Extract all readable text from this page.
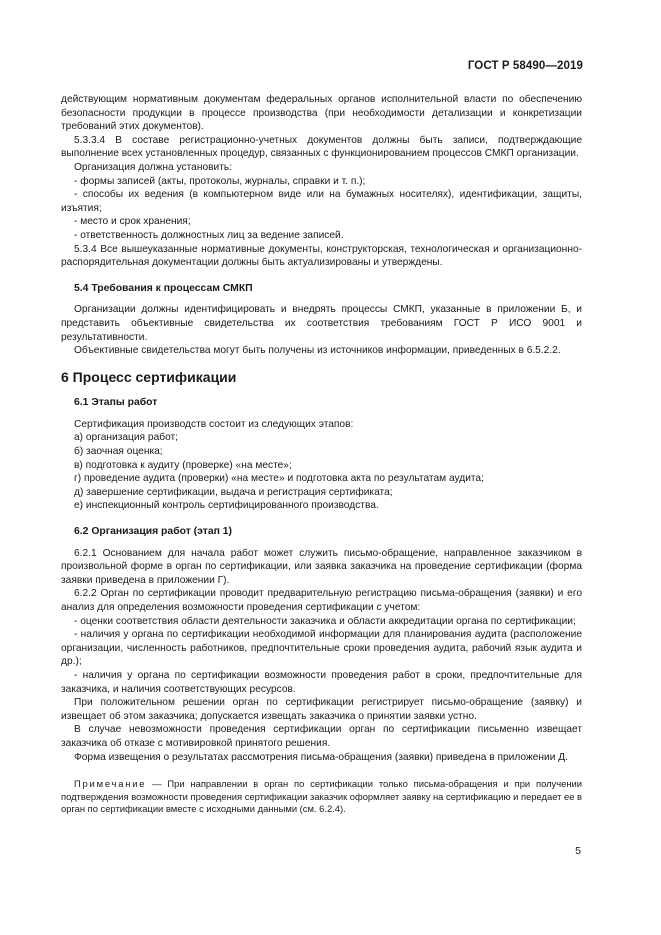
ГОСТ Р 58490—2019
действующим нормативным документам федеральных органов исполнительной власти по обеспечению безопасности продукции в процессе производства (при необходимости детализации и конкретизации требований этих документов).
5.3.3.4 В составе регистрационно-учетных документов должны быть записи, подтверждающие выполнение всех установленных процедур, связанных с функционированием процессов СМКП организации.
Организация должна установить:
- формы записей (акты, протоколы, журналы, справки и т. п.);
- способы их ведения (в компьютерном виде или на бумажных носителях), идентификации, защиты, изъятия;
- место и срок хранения;
- ответственность должностных лиц за ведение записей.
5.3.4 Все вышеуказанные нормативные документы, конструкторская, технологическая и организационно-распорядительная документации должны быть актуализированы и утверждены.
5.4 Требования к процессам СМКП
Организации должны идентифицировать и внедрять процессы СМКП, указанные в приложении Б, и представить объективные свидетельства их соответствия требованиям ГОСТ Р ИСО 9001 и результативности.
Объективные свидетельства могут быть получены из источников информации, приведенных в 6.5.2.2.
6 Процесс сертификации
6.1 Этапы работ
Сертификация производств состоит из следующих этапов:
а) организация работ;
б) заочная оценка;
в) подготовка к аудиту (проверке) «на месте»;
г) проведение аудита (проверки) «на месте» и подготовка акта по результатам аудита;
д) завершение сертификации, выдача и регистрация сертификата;
е) инспекционный контроль сертифицированного производства.
6.2 Организация работ (этап 1)
6.2.1 Основанием для начала работ может служить письмо-обращение, направленное заказчиком в произвольной форме в орган по сертификации, или заявка заказчика на проведение сертификации (форма заявки приведена в приложении Г).
6.2.2 Орган по сертификации проводит предварительную регистрацию письма-обращения (заявки) и его анализ для определения возможности проведения сертификации с учетом:
- оценки соответствия области деятельности заказчика и области аккредитации органа по сертификации;
- наличия у органа по сертификации необходимой информации для планирования аудита (расположение организации, численность работников, предпочтительные сроки проведения аудита, рабочий язык аудита и др.);
- наличия у органа по сертификации возможности проведения работ в сроки, предпочтительные для заказчика, и наличия соответствующих ресурсов.
При положительном решении орган по сертификации регистрирует письмо-обращение (заявку) и извещает об этом заказчика; допускается извещать заказчика о принятии заявки устно.
В случае невозможности проведения сертификации орган по сертификации письменно извещает заказчика об отказе с мотивировкой принятого решения.
Форма извещения о результатах рассмотрения письма-обращения (заявки) приведена в приложении Д.
Примечание — При направлении в орган по сертификации только письма-обращения и при получении подтверждения возможности проведения сертификации заказчик оформляет заявку на сертификацию и передает ее в орган по сертификации вместе с исходными данными (см. 6.2.4).
5
